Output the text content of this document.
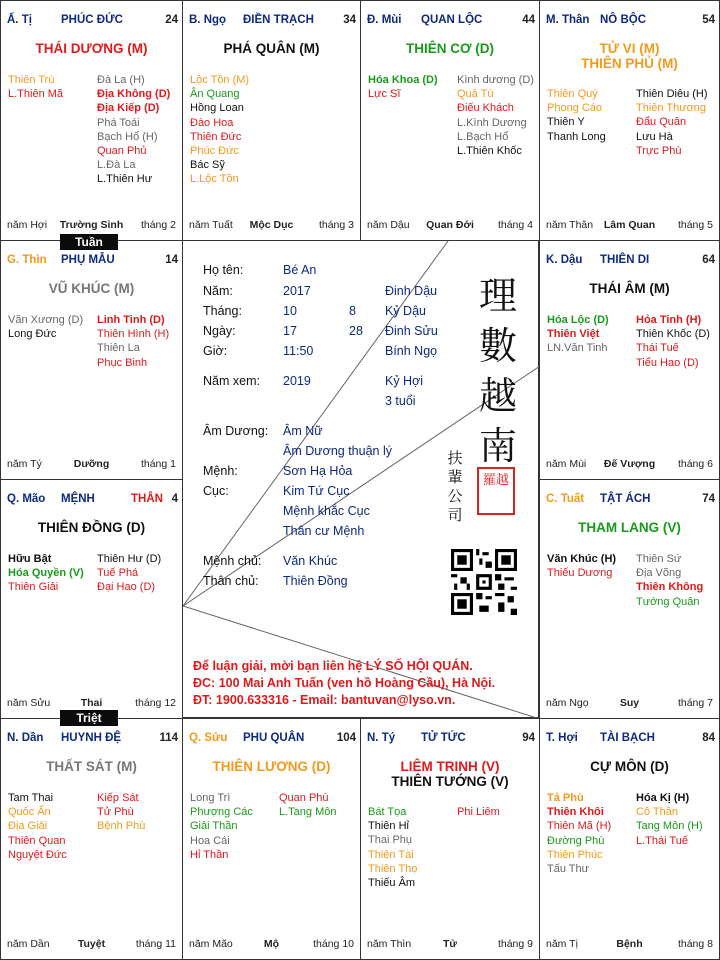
Họ tên:	Bé An
Năm:	2017	Đinh Dậu
Tháng:	10	8 Kỷ Dậu
Ngày:	17	28 Đinh Sửu
Giờ:	11:50	Bính Ngọ
Năm xem: 2019	Kỷ Hợi
3 tuổi
Âm Dương: Âm Nữ
Âm Dương thuận lý
Mệnh:	Sơn Hạ Hỏa
Cục:	Kim Tứ Cục
Mệnh khắc Cục
Thân cư Mệnh
Mệnh chủ: Văn Khúc
Thân chủ: Thiên Đồng
理
數
越
南
扶
輩
公
司
羅越
Để luận giải, mời bạn liên hệ LÝ SỐ HỘI QUÁN.
ĐC: 100 Mai Anh Tuấn (ven hồ Hoàng Cầu), Hà Nội.
ĐT: 1900.633316 - Email: bantuvan@lyso.vn.
Ấ. Tị	PHÚC ĐỨC	24
THÁI DƯƠNG (M)
Thiên Trù
L.Thiên Mã
Đà La (H)
Địa Không (D)
Địa Kiếp (D)
Phá Toái
Bạch Hổ (H)
Quan Phủ
L.Đà La
L.Thiên Hư
năm Hợi	Trường Sinh	tháng 2
B. Ngọ ĐIỀN TRẠCH	34
PHÁ QUÂN (M)
Lộc Tồn (M)
Ân Quang
Hồng Loan
Đào Hoa
Thiên Đức
Phúc Đức
Bác Sỹ
L.Lộc Tồn
năm Tuất	Mộc Dục	tháng 3
Đ. Mùi QUAN LỘC	44
THIÊN CƠ (D)
Hóa Khoa (D)
Lực Sĩ
Kình dương (D)
Quả Tú
Điếu Khách
L.Kình Dương
L.Bạch Hổ
L.Thiên Khốc
năm Dậu	Quan Đới	tháng 4
M. Thân NÔ BỘC	54
TỬ VI (M)
THIÊN PHỦ (M)
Thiên Quý
Phong Cáo
Thiên Y
Thanh Long
Thiên Diêu (H)
Thiên Thương
Đẩu Quân
Lưu Hà
Trực Phù
năm Thân	Lâm Quan	tháng 5
K. Dậu THIÊN DI	64
THÁI ÂM (M)
Hóa Lộc (D)
Thiên Việt
LN.Văn Tinh
Hỏa Tinh (H)
Thiên Khốc (D)
Thái Tuế
Tiểu Hao (D)
năm Mùi	Đế Vượng	tháng 6
C. Tuất TẬT ÁCH	74
THAM LANG (V)
Văn Khúc (H)
Thiếu Dương
Thiên Sứ
Địa Võng
Thiên Không
Tướng Quân
năm Ngọ	Suy	tháng 7
T. Hợi TÀI BẠCH	84
CỰ MÔN (D)
Tả Phù
Thiên Khôi
Thiên Mã (H)
Đường Phù
Thiên Phúc
Tấu Thư
Hóa Kị (H)
Cô Thần
Tang Môn (H)
L.Thái Tuế
năm Tị	Bệnh	tháng 8
N. Tý TỬ TỨC	94
LIÊM TRINH (V)
THIÊN TƯỚNG (V)
Bát Tọa
Thiên Hỉ
Thai Phụ
Thiên Tài
Thiên Thọ
Thiếu Âm
Phi Liêm
năm Thìn	Tử	tháng 9
Q. Sửu PHU QUÂN	104
THIÊN LƯƠNG (D)
Long Trì
Phượng Các
Giải Thần
Hoa Cái
Hỉ Thần
Quan Phù
L.Tang Môn
năm Mão	Mộ	tháng 10
N. Dần HUYNH ĐỆ	114
THẤT SÁT (M)
Tam Thai
Quốc Ấn
Địa Giải
Thiên Quan
Nguyệt Đức
Kiếp Sát
Tử Phù
Bệnh Phù
năm Dần	Tuyệt	tháng 11
Q. Mão MỆNH	THÂN 4
THIÊN ĐỒNG (D)
Hữu Bật
Hóa Quyền (V)
Thiên Giải
Thiên Hư (D)
Tuế Phá
Đại Hao (D)
năm Sửu	Thai	tháng 12
G. Thìn PHỤ MẪU	14
VŨ KHÚC (M)
Văn Xương (D)
Long Đức
Linh Tinh (D)
Thiên Hình (H)
Thiên La
Phục Binh
năm Tý	Dưỡng	tháng 1
Tuần
Triệt
